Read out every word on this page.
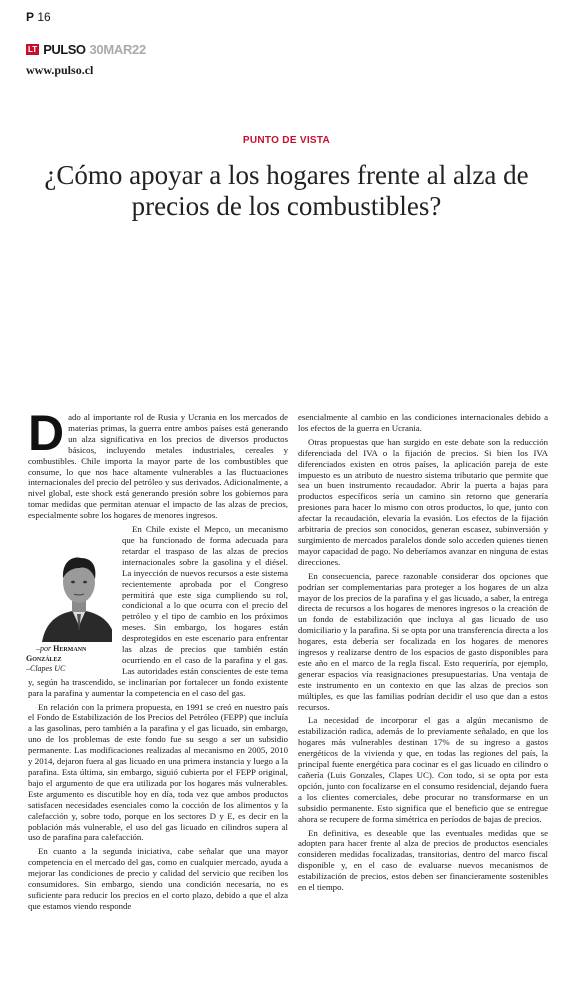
P 16
LT PULSO 30MAR22
www.pulso.cl
PUNTO DE VISTA
¿Cómo apoyar a los hogares frente al alza de precios de los combustibles?

Dado al importante rol de Rusia y Ucrania en los mercados de materias primas, la guerra entre ambos países está generando un alza significativa en los precios de diversos productos básicos, incluyendo metales industriales, cereales y combustibles. Chile importa la mayor parte de los combustibles que consume, lo que nos hace altamente vulnerables a las fluctuaciones internacionales del precio del petróleo y sus derivados. Adicionalmente, a nivel global, este shock está generando presión sobre los gobiernos para tomar medidas que permitan atenuar el impacto de las alzas de precios, especialmente sobre los hogares de menores ingresos.

–por Hermann González
–Clapes UC
En Chile existe el Mepco, un mecanismo que ha funcionado de forma adecuada para retardar el traspaso de las alzas de precios internacionales sobre la gasolina y el diésel. La inyección de nuevos recursos a este sistema recientemente aprobada por el Congreso permitirá que este siga cumpliendo su rol, condicional a lo que ocurra con el precio del petróleo y el tipo de cambio en los próximos meses. Sin embargo, los hogares están desprotegidos en este escenario para enfrentar las alzas de precios que también están ocurriendo en el caso de la parafina y el gas. Las autoridades están conscientes de este tema y, según ha trascendido, se inclinarían por fortalecer un fondo existente para la parafina y aumentar la competencia en el caso del gas.

En relación con la primera propuesta, en 1991 se creó en nuestro país el Fondo de Estabilización de los Precios del Petróleo (FEPP) que incluía a las gasolinas, pero también a la parafina y el gas licuado, sin embargo, uno de los problemas de este fondo fue su sesgo a ser un subsidio permanente. Las modificaciones realizadas al mecanismo en 2005, 2010 y 2014, dejaron fuera al gas licuado en una primera instancia y luego a la parafina. Esta última, sin embargo, siguió cubierta por el FEPP original, bajo el argumento de que era utilizada por los hogares más vulnerables. Este argumento es discutible hoy en día, toda vez que ambos productos satisfacen necesidades esenciales como la cocción de los alimentos y la calefacción y, sobre todo, porque en los sectores D y E, es decir en la población más vulnerable, el uso del gas licuado en cilindros supera al uso de parafina para calefacción.

En cuanto a la segunda iniciativa, cabe señalar que una mayor competencia en el mercado del gas, como en cualquier mercado, ayuda a mejorar las condiciones de precio y calidad del servicio que reciben los consumidores. Sin embargo, siendo una condición necesaria, no es suficiente para reducir los precios en el corto plazo, debido a que el alza que estamos viendo responde

esencialmente al cambio en las condiciones internacionales debido a los efectos de la guerra en Ucrania.

Otras propuestas que han surgido en este debate son la reducción diferenciada del IVA o la fijación de precios. Si bien los IVA diferenciados existen en otros países, la aplicación pareja de este impuesto es un atributo de nuestro sistema tributario que permite que sea un buen instrumento recaudador. Abrir la puerta a bajas para productos específicos sería un camino sin retorno que generaría presiones para hacer lo mismo con otros productos, lo que, junto con afectar la recaudación, elevaría la evasión. Los efectos de la fijación arbitraria de precios son conocidos, generan escasez, subinversión y surgimiento de mercados paralelos donde solo acceden quienes tienen mayor capacidad de pago. No deberíamos avanzar en ninguna de estas direcciones.

En consecuencia, parece razonable considerar dos opciones que podrían ser complementarias para proteger a los hogares de un alza mayor de los precios de la parafina y el gas licuado, a saber, la entrega directa de recursos a los hogares de menores ingresos o la creación de un fondo de estabilización que incluya al gas licuado de uso domiciliario y la parafina. Si se opta por una transferencia directa a los hogares, esta debería ser focalizada en los hogares de menores ingresos y realizarse dentro de los espacios de gasto disponibles para este año en el marco de la regla fiscal. Esto requeriría, por ejemplo, generar espacios vía reasignaciones presupuestarias. Una ventaja de este instrumento en un contexto en que las alzas de precios son múltiples, es que las familias podrían decidir el uso que dan a estos recursos.

La necesidad de incorporar el gas a algún mecanismo de estabilización radica, además de lo previamente señalado, en que los hogares más vulnerables destinan 17% de su ingreso a gastos energéticos de la vivienda y que, en todas las regiones del país, la principal fuente energética para cocinar es el gas licuado en cilindro o cañería (Luis Gonzales, Clapes UC). Con todo, si se opta por esta opción, junto con focalizarse en el consumo residencial, dejando fuera a los clientes comerciales, debe procurar no transformarse en un subsidio permanente. Esto significa que el beneficio que se entregue ahora se recupere de forma simétrica en períodos de bajas de precios.

En definitiva, es deseable que las eventuales medidas que se adopten para hacer frente al alza de precios de productos esenciales consideren medidas focalizadas, transitorias, dentro del marco fiscal disponible y, en el caso de evaluarse nuevos mecanismos de estabilización de precios, estos deben ser financieramente sostenibles en el tiempo.
